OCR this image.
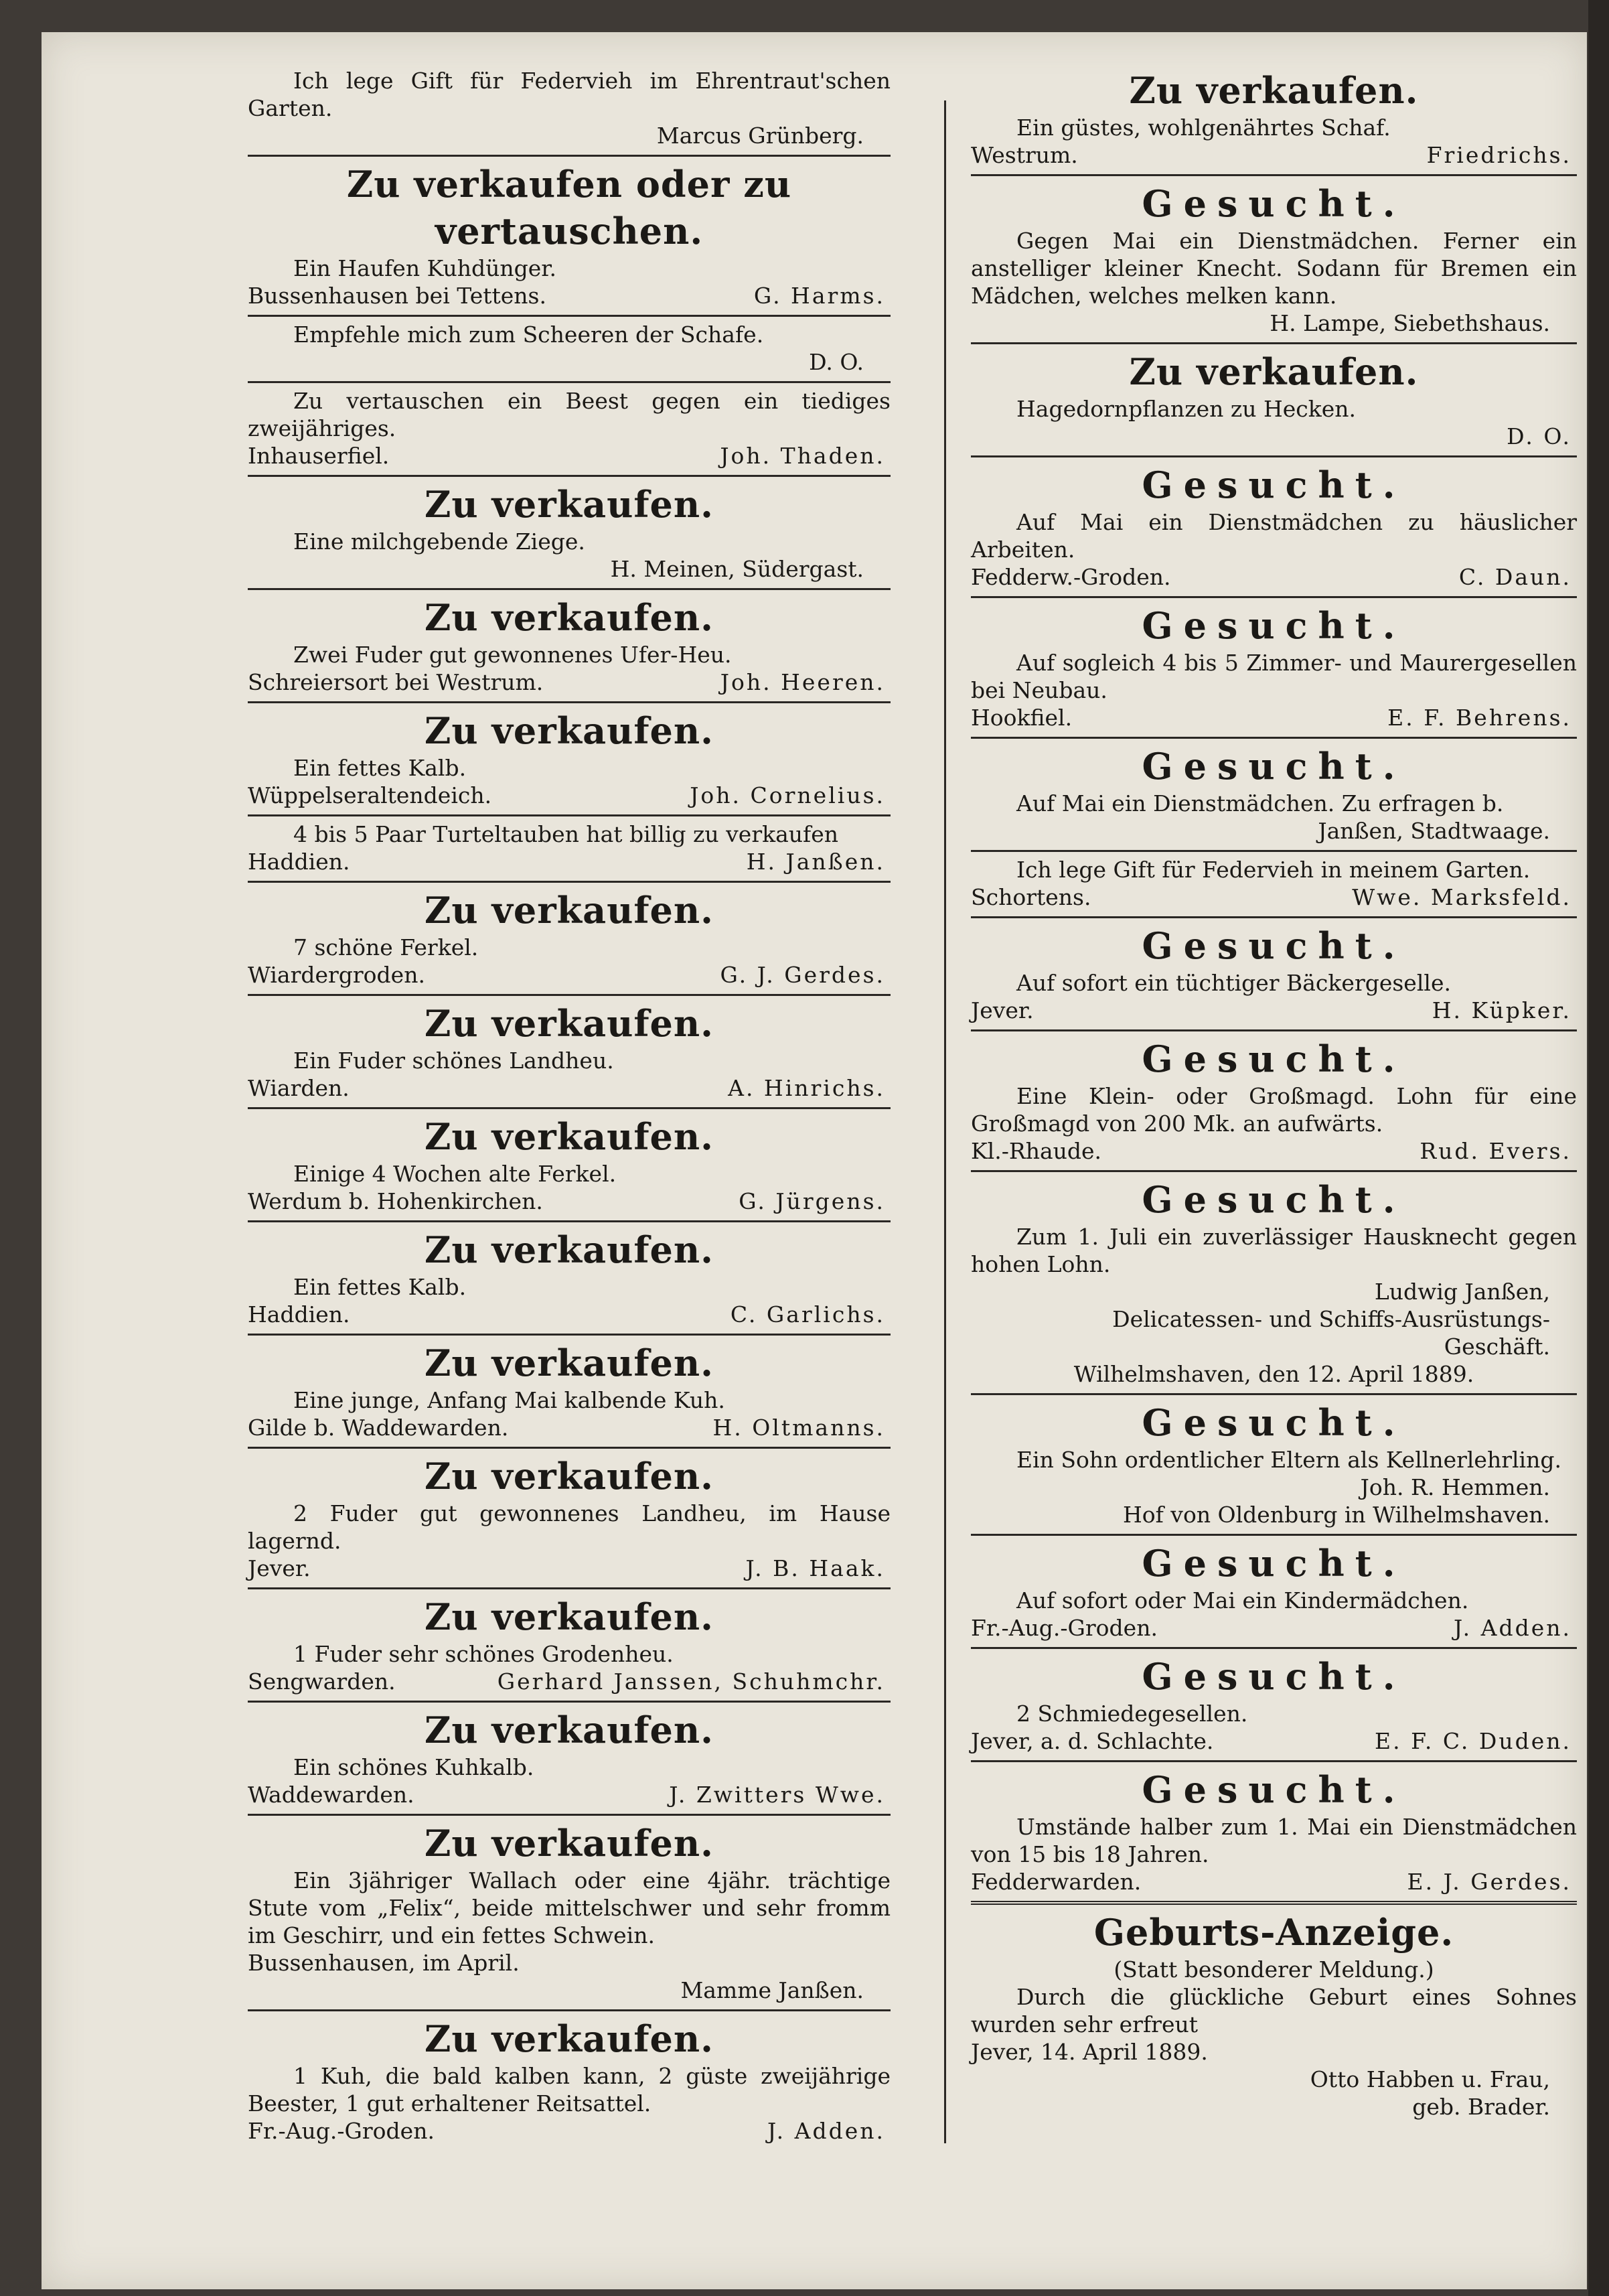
Ich lege Gift für Federvieh im Ehrentraut'schen Garten.
Marcus Grünberg.
Zu verkaufen oder zu vertauschen.
Ein Haufen Kuhdünger.
Bussenhausen bei Tettens.	G. Harms.
Empfehle mich zum Scheeren der Schafe.
D. O.
Zu vertauschen ein Beest gegen ein tiediges zweijähriges.
Inhauserfiel.	Joh. Thaden.
Zu verkaufen.
Eine milchgebende Ziege.
H. Meinen, Südergast.
Zu verkaufen.
Zwei Fuder gut gewonnenes Ufer-Heu.
Schreiersort bei Westrum.	Joh. Heeren.
Zu verkaufen.
Ein fettes Kalb.
Wüppelseraltendeich.	Joh. Cornelius.
4 bis 5 Paar Turteltauben hat billig zu verkaufen
Haddien.	H. Janßen.
Zu verkaufen.
7 schöne Ferkel.
Wiardergroden.	G. J. Gerdes.
Zu verkaufen.
Ein Fuder schönes Landheu.
Wiarden.	A. Hinrichs.
Zu verkaufen.
Einige 4 Wochen alte Ferkel.
Werdum b. Hohenkirchen.	G. Jürgens.
Zu verkaufen.
Ein fettes Kalb.
Haddien.	C. Garlichs.
Zu verkaufen.
Eine junge, Anfang Mai kalbende Kuh.
Gilde b. Waddewarden.	H. Oltmanns.
Zu verkaufen.
2 Fuder gut gewonnenes Landheu, im Hause lagernd.
Jever.	J. B. Haak.
Zu verkaufen.
1 Fuder sehr schönes Grodenheu.
Sengwarden.	Gerhard Janssen, Schuhmchr.
Zu verkaufen.
Ein schönes Kuhkalb.
Waddewarden.	J. Zwitters Wwe.
Zu verkaufen.
Ein 3jähriger Wallach oder eine 4jähr. trächtige Stute vom „Felix“, beide mittelschwer und sehr fromm im Geschirr, und ein fettes Schwein.
Bussenhausen, im April.
Mamme Janßen.
Zu verkaufen.
1 Kuh, die bald kalben kann, 2 güste zweijährige Beester, 1 gut erhaltener Reitsattel.
Fr.-Aug.-Groden.	J. Adden.
Zu verkaufen.
Ein güstes, wohlgenährtes Schaf.
Westrum.	Friedrichs.
Gesucht.
Gegen Mai ein Dienstmädchen. Ferner ein anstelliger kleiner Knecht. Sodann für Bremen ein Mädchen, welches melken kann.
H. Lampe, Siebethshaus.
Zu verkaufen.
Hagedornpflanzen zu Hecken.
D. O.
Gesucht.
Auf Mai ein Dienstmädchen zu häuslicher Arbeiten.
Fedderw.-Groden.	C. Daun.
Gesucht.
Auf sogleich 4 bis 5 Zimmer- und Maurergesellen bei Neubau.
Hookfiel.	E. F. Behrens.
Gesucht.
Auf Mai ein Dienstmädchen. Zu erfragen b.
Janßen, Stadtwaage.
Ich lege Gift für Federvieh in meinem Garten.
Schortens.	Wwe. Marksfeld.
Gesucht.
Auf sofort ein tüchtiger Bäckergeselle.
Jever.	H. Küpker.
Gesucht.
Eine Klein- oder Großmagd. Lohn für eine Großmagd von 200 Mk. an aufwärts.
Kl.-Rhaude.	Rud. Evers.
Gesucht.
Zum 1. Juli ein zuverlässiger Hausknecht gegen hohen Lohn.
Ludwig Janßen,
Delicatessen- und Schiffs-Ausrüstungs-
Geschäft.
Wilhelmshaven, den 12. April 1889.
Gesucht.
Ein Sohn ordentlicher Eltern als Kellnerlehrling.
Joh. R. Hemmen.
Hof von Oldenburg in Wilhelmshaven.
Gesucht.
Auf sofort oder Mai ein Kindermädchen.
Fr.-Aug.-Groden.	J. Adden.
Gesucht.
2 Schmiedegesellen.
Jever, a. d. Schlachte.	E. F. C. Duden.
Gesucht.
Umstände halber zum 1. Mai ein Dienstmädchen von 15 bis 18 Jahren.
Fedderwarden.	E. J. Gerdes.
Geburts-Anzeige.
(Statt besonderer Meldung.)
Durch die glückliche Geburt eines Sohnes wurden sehr erfreut
Jever, 14. April 1889.
Otto Habben u. Frau,
geb. Brader.
